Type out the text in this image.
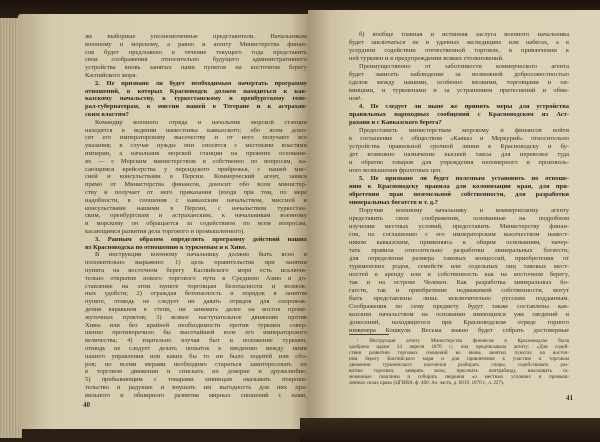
же выборные уполномоченные представители. Начальникам
военному и морскому, а равно и агенту Министерства финан-
сов будет предложено в течение текущего года представить
свои соображения относительно будущего административного
устройства вновь занятых нами пунктов на восточном берегу
Каспийского моря.
2. Не признано ли будет необходимым начертать программу
отношений, в которых Красноводск должен находиться к кав-
казскому начальству, к туркестанскому и оренбургскому гене-
рал-губернаторам, к миссии нашей в Тегеране и к астрахан-
ским властям?
Командир военного отряда и начальник морской станции
находятся в ведении наместника кавказского; обо всем доно-
сят его императорскому высочеству и от него получают все
указания; в случае нужды они сносятся с местными властями
империи, а начальник морской станции на прежних основани-
ях — с Морским министерством и собственно по вопросам, ка-
сающимся крейсерства у персидского прибрежья, с нашей мис-
сией и консульствами в Персии. Коммерческий агент, завися
прямо от Министерства финансов, доносит обо всем министер-
ству и получает от него приказания (входя при том, по мере
надобности, в сношения с кавказским начальством, миссией и
консульствами нашими в Персии, с начальством туркестан-
ским, оренбургским и астраханским; к начальникам военному
и морскому он обращается за содействием по всем вопросам,
касающимся развития дела торгового и промышленного).
3. Равным образом определить программу действий наших
из Красноводска по отношению к туркменам и к Хиве.
В инструкции военному начальнику должно быть ясно и
положительно выражено: 1) цель правительства при занятии
пункта на восточном берегу Каспийского моря есть исключи-
тельно открытие нового торгового пути в Среднюю Азию и до-
ставление на этом пункте торговцам безопасности и возмож-
ных удобств; 2) ограждая безопасность и порядок в занятом
пункте, отнюдь не следует ни давать отрядов для сопровож-
дения караванов в степи, ни занимать далее на восток проме-
жуточных пунктов; 3) всякое наступательное движение против
Хивы или без крайней необходимости против туркмен совер-
шенно противоречило бы высочайшей воле его императорского
величества; 4) тщательно изучая быт и положение туркмен,
отнюдь не следует делать попыток к введению между ними
нашего управления или каких бы то ни было податей или сбо-
ров; но всеми мерами необходимо стараться заинтересовать их
в торговом движении и снискать их доверие и дружелюбие;
5) прибывающим с товарами хивинцам оказывать покрови-
тельство и радушие и внушать им выгодность для них пра-
вильного и обширного развития мирных сношений с нами,
б) вообще главная и истинная заслуга военного начальника
будет заключаться не в удачных экспедициях или набегах, а в
усердном содействии отечественной торговле, в привлечении к
ней туркмен и в предупреждении всяких столкновений.
Преимущественно от заботливости коммерческого агента
будет зависеть наблюдение за возможной добросовестностью
сделок между нашими, особенно мелкими, торговцами и хи-
винцами, и туркменами и за устранением притеснений и обма-
нов¹.
4. Не следует ли ныне же принять меры для устройства
правильных пароходных сообщений с Красноводском из Аст-
рахани и с Кавказского берега?
Предоставить министерствам морскому и финансов войти
в соглашение с обществом «Кавказ и Меркурий» относительно
устройства правильной срочной линии к Красноводску и бу-
дет возможно назначение высшей таксы для перевозки туда
и обратно товаров для упреждения непомерного и произволь-
ного возвышения фрахтовых цен.
5. Не признано ли будет полезным установить по отноше-
нию к Красноводску правила для колонизации края, для при-
обретения прав поземельной собственности, для разработки
минеральных богатств и т. д.?
Поручив военному начальнику и коммерческому агенту
представить свои соображения, основанные на подробном
изучении местных условий, предоставить Министерству финан-
сов, по соглашению с его императорским высочеством намест-
ником кавказским, применяясь к общим основаниям, начер-
тать правила относительно разработки минеральных богатств;
для определения размера таковых концессий, приобретения от
туркменских родов, семейств или отдельных лиц таковых мест-
ностей в аренду или в собственность как на восточном берегу,
так и на острове Челекен. Как разработка минеральных бо-
гатств, так и приобретение недвижимой собственности, могут
быть представлены лишь исключительно русским подданным.
Соображения по сему предмету будут также составлены кав-
казским начальством на основании имеющихся уже сведений и
донесений, находящегося при Красноводском отряде горного
инженера Кошкуля. Весьма важно будет собрать достоверные
¹ Инструкция агенту Министерства финансов в Красноводске была
одобрена царем 24 апреля 1870 г.; она предписывала агенту: «Для содей-
ствия развитию торговых сношений во вновь занятых пунктах на восточ-
ном берегу Каспийского моря и для привлечения к участию в торговом
движении туркменского населения разбирать споры, содействовать раз-
витию торговли, заверять акты, пресекать контрабанду, взыскивать та-
моженные пошлины и собирать сведения «о местных условиях и промыш-
ленных силах края» (ЦГВИА, ф. 400. Аз. часть, д. 6819, 1870 г., л. 227).
40
41
